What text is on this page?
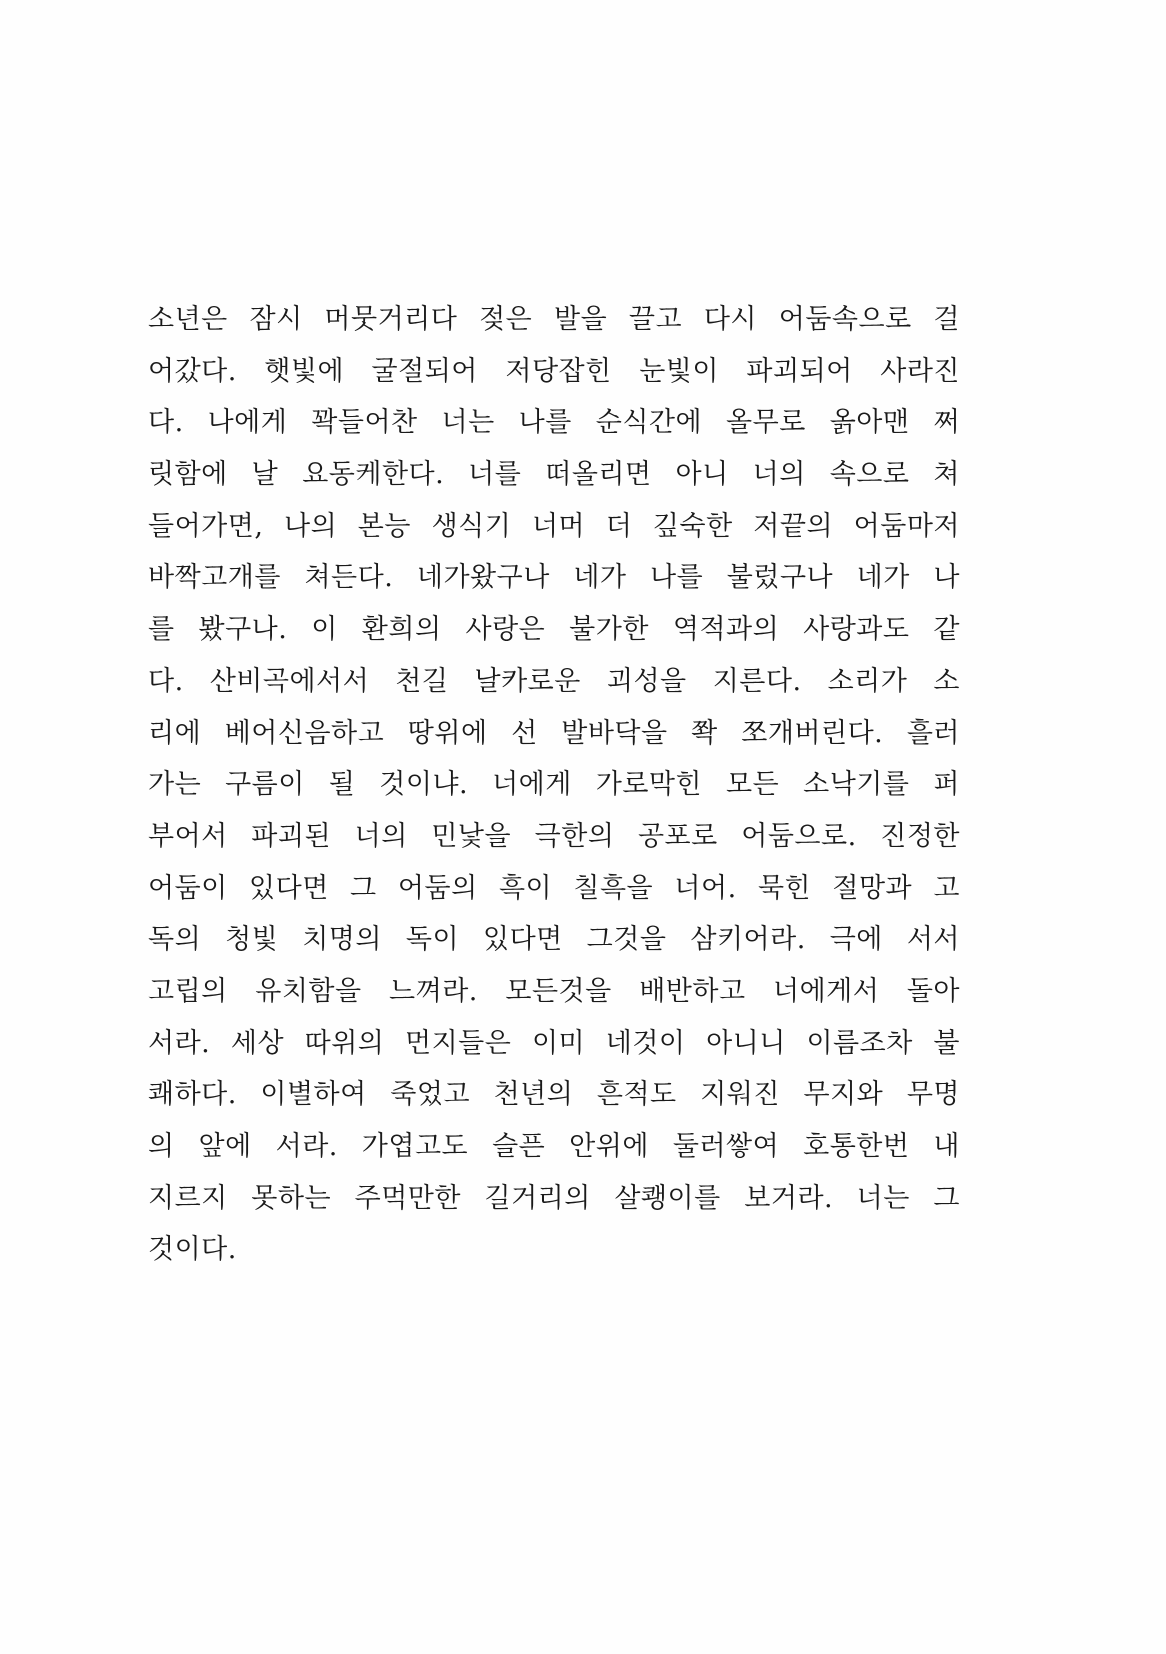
소년은 잠시 머뭇거리다 젖은 발을 끌고 다시 어둠속으로 걸
어갔다. 햇빛에 굴절되어 저당잡힌 눈빛이 파괴되어 사라진
다. 나에게 꽉들어찬 너는 나를 순식간에 올무로 옭아맨 쩌
릿함에 날 요동케한다. 너를 떠올리면 아니 너의 속으로 쳐
들어가면, 나의 본능 생식기 너머 더 깊숙한 저끝의 어둠마저
바짝고개를 쳐든다. 네가왔구나 네가 나를 불렀구나 네가 나
를 봤구나. 이 환희의 사랑은 불가한 역적과의 사랑과도 같
다. 산비곡에서서 천길 날카로운 괴성을 지른다. 소리가 소
리에 베어신음하고 땅위에 선 발바닥을 쫙 쪼개버린다. 흘러
가는 구름이 될 것이냐. 너에게 가로막힌 모든 소낙기를 퍼
부어서 파괴된 너의 민낯을 극한의 공포로 어둠으로. 진정한
어둠이 있다면 그 어둠의 흑이 칠흑을 너어. 묵힌 절망과 고
독의 청빛 치명의 독이 있다면 그것을 삼키어라. 극에 서서
고립의 유치함을 느껴라. 모든것을 배반하고 너에게서 돌아
서라. 세상 따위의 먼지들은 이미 네것이 아니니 이름조차 불
쾌하다. 이별하여 죽었고 천년의 흔적도 지워진 무지와 무명
의 앞에 서라. 가엽고도 슬픈 안위에 둘러쌓여 호통한번 내
지르지 못하는 주먹만한 길거리의 살쾡이를 보거라. 너는 그
것이다.
